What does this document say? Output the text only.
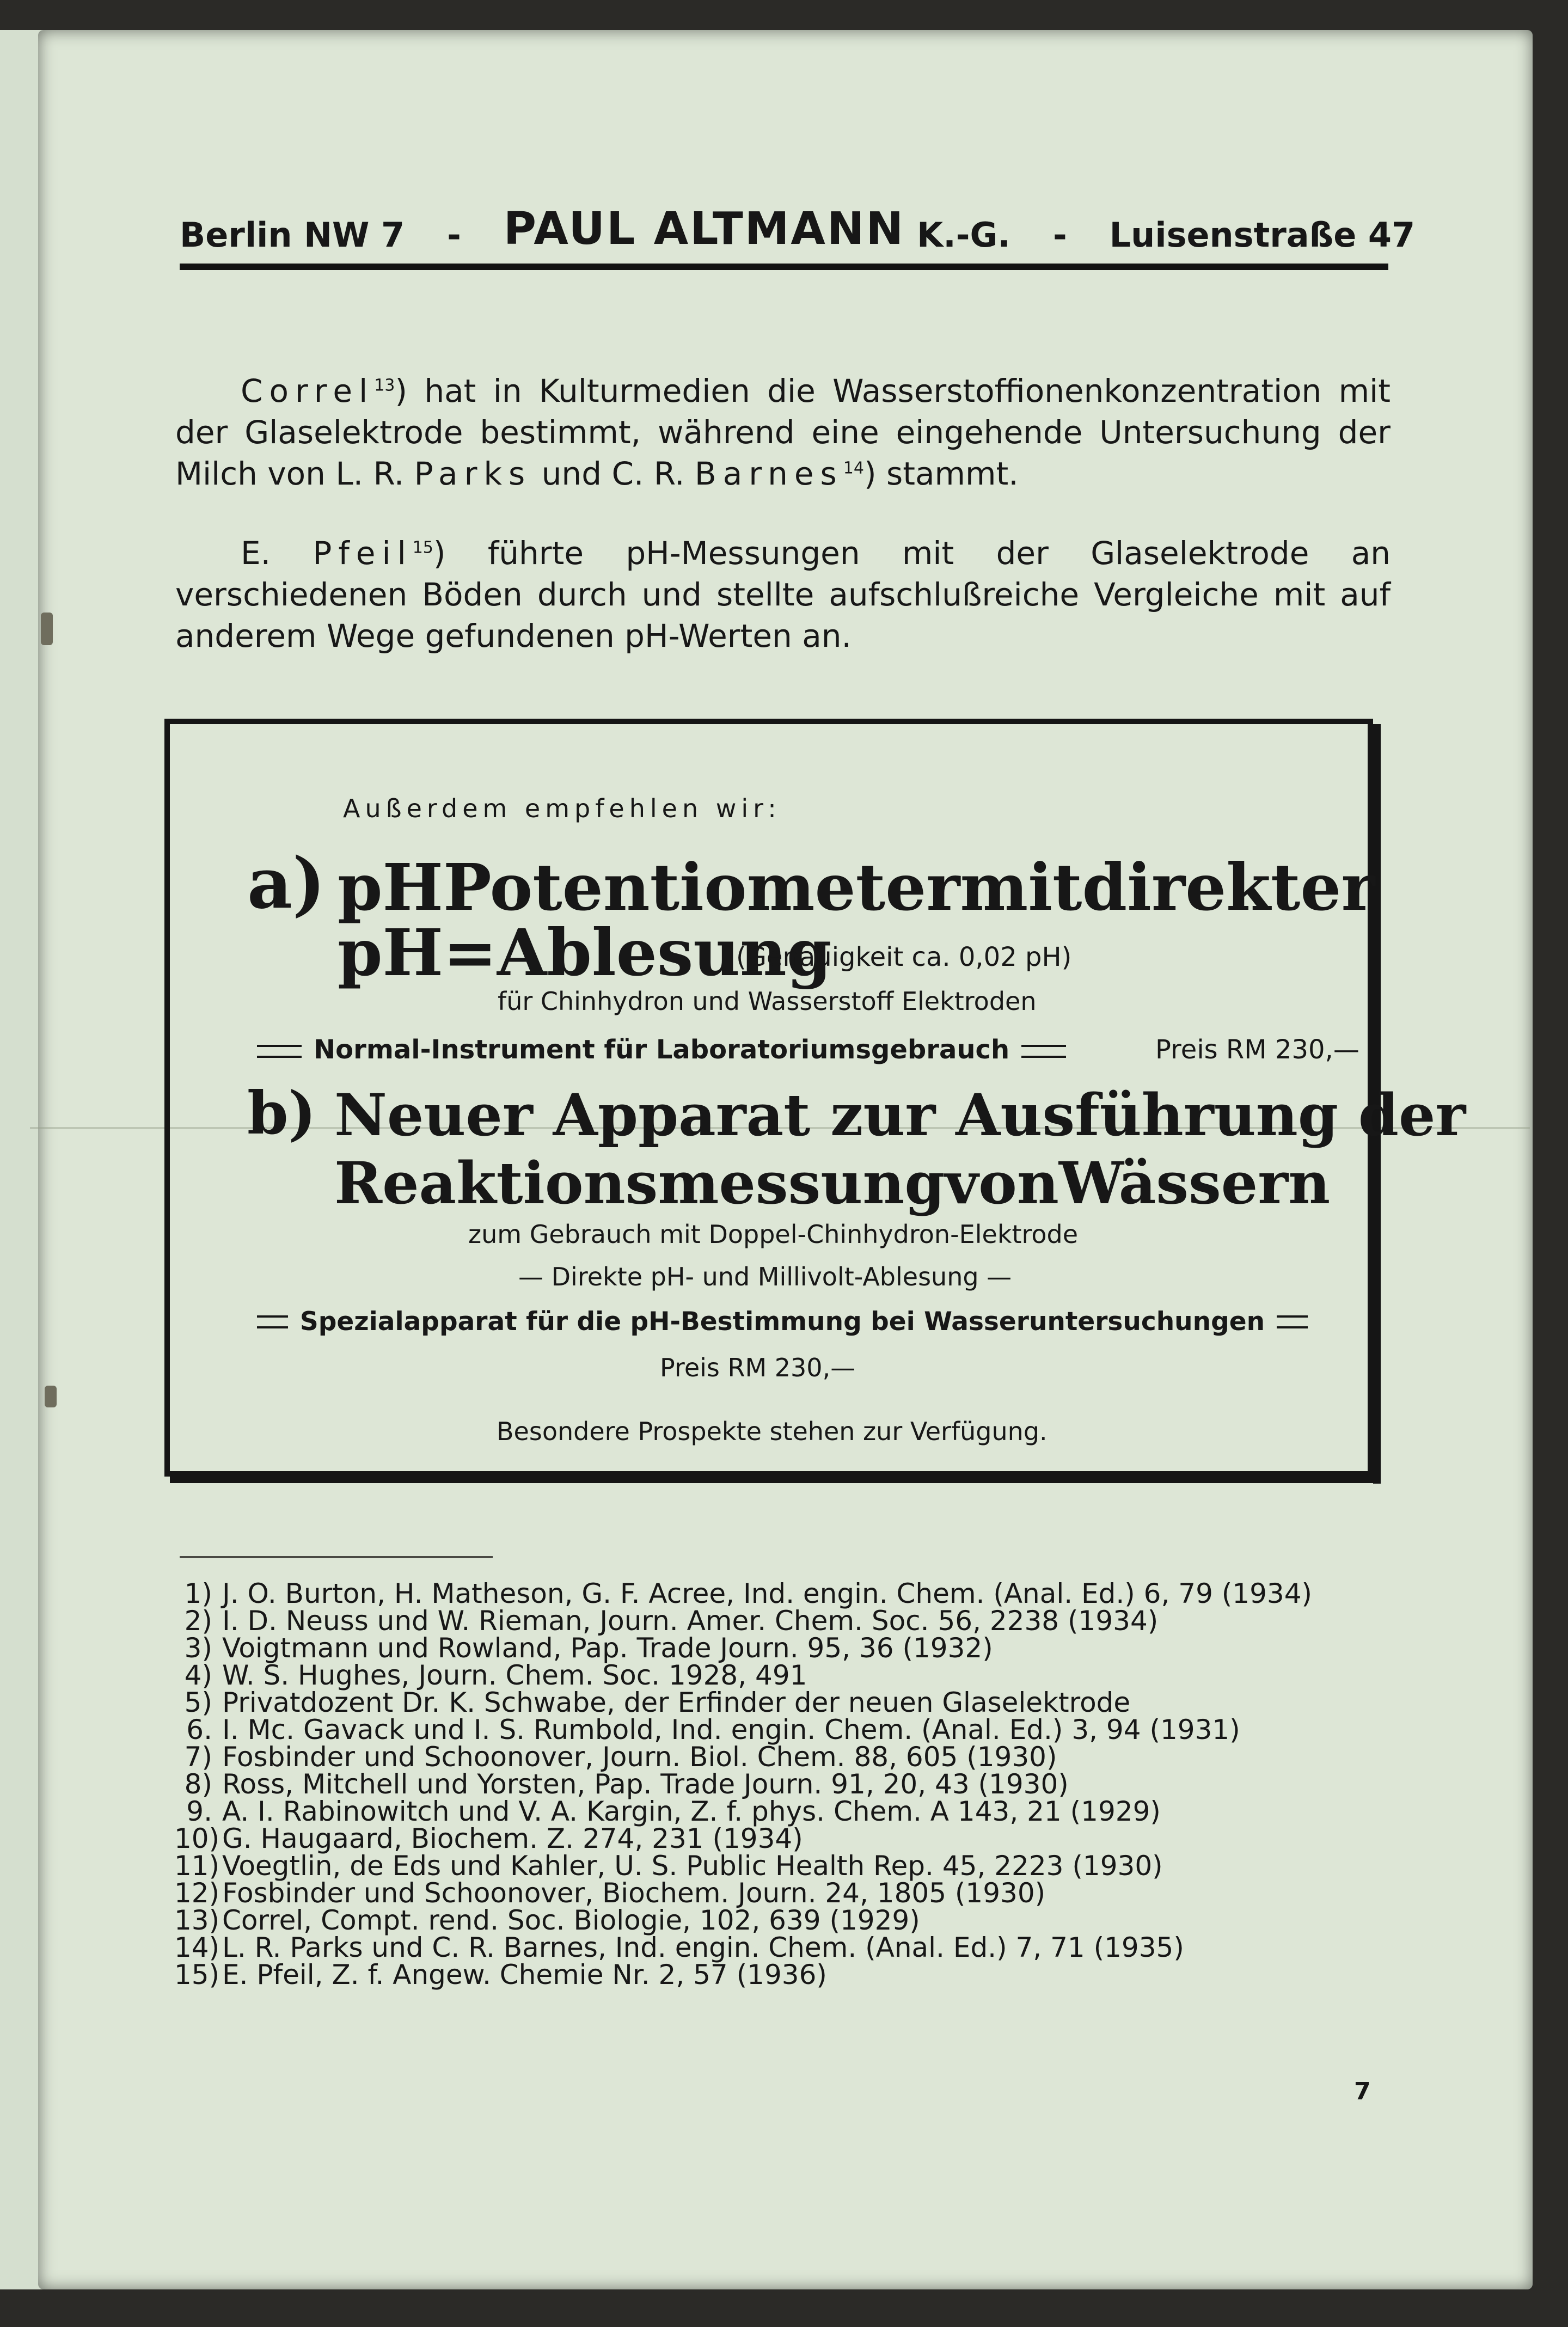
Berlin NW 7 - PAUL ALTMANN K.-G. - Luisenstraße 47

Correl$^{13}$) hat in Kulturmedien die Wasserstoffionenkonzentration mit der Glaselektrode bestimmt, während eine eingehende Untersuchung der Milch von L. R. Parks und C. R. Barnes$^{14}$) stammt.

E. Pfeil$^{15}$) führte pH-Messungen mit der Glaselektrode an verschiedenen Böden durch und stellte aufschlußreiche Vergleiche mit auf anderem Wege gefundenen pH-Werten an.

Außerdem empfehlen wir:
a) pH Potentiometer mit direkter
pH=Ablesung
(Genauigkeit ca. 0,02 pH)
für Chinhydron und Wasserstoff Elektroden
Normal-Instrument für Laboratoriumsgebrauch	Preis RM 230,—
b) Neuer Apparat zur Ausführung der
Reaktionsmessung von Wässern
zum Gebrauch mit Doppel-Chinhydron-Elektrode
— Direkte pH- und Millivolt-Ablesung —
Spezialapparat für die pH-Bestimmung bei Wasseruntersuchungen
Preis RM 230,—
Besondere Prospekte stehen zur Verfügung.
1) J. O. Burton, H. Matheson, G. F. Acree, Ind. engin. Chem. (Anal. Ed.) 6, 79 (1934)
2) I. D. Neuss und W. Rieman, Journ. Amer. Chem. Soc. 56, 2238 (1934)
3) Voigtmann und Rowland, Pap. Trade Journ. 95, 36 (1932)
4) W. S. Hughes, Journ. Chem. Soc. 1928, 491
5) Privatdozent Dr. K. Schwabe, der Erfinder der neuen Glaselektrode
6. I. Mc. Gavack und I. S. Rumbold, Ind. engin. Chem. (Anal. Ed.) 3, 94 (1931)
7) Fosbinder und Schoonover, Journ. Biol. Chem. 88, 605 (1930)
8) Ross, Mitchell und Yorsten, Pap. Trade Journ. 91, 20, 43 (1930)
9. A. I. Rabinowitch und V. A. Kargin, Z. f. phys. Chem. A 143, 21 (1929)
10) G. Haugaard, Biochem. Z. 274, 231 (1934)
11) Voegtlin, de Eds und Kahler, U. S. Public Health Rep. 45, 2223 (1930)
12) Fosbinder und Schoonover, Biochem. Journ. 24, 1805 (1930)
13) Correl, Compt. rend. Soc. Biologie, 102, 639 (1929)
14) L. R. Parks und C. R. Barnes, Ind. engin. Chem. (Anal. Ed.) 7, 71 (1935)
15) E. Pfeil, Z. f. Angew. Chemie Nr. 2, 57 (1936)
7
